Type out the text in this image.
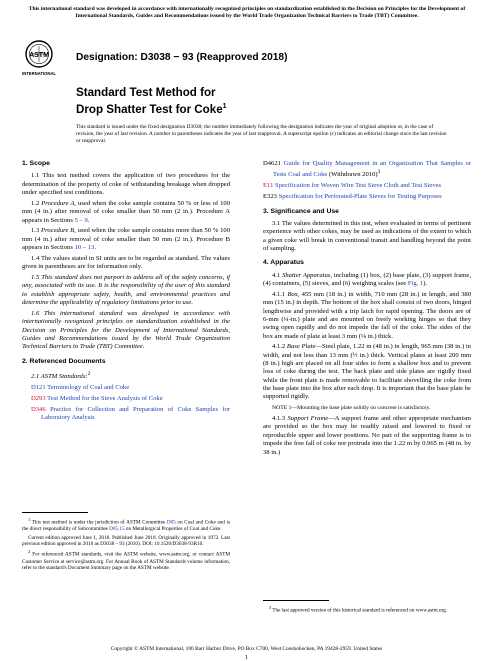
This international standard was developed in accordance with internationally recognized principles on standardization established in the Decision on Principles for the Development of International Standards, Guides and Recommendations issued by the World Trade Organization Technical Barriers to Trade (TBT) Committee.
ASTM
INTERNATIONAL
Designation: D3038 − 93 (Reapproved 2018)
Standard Test Method for
Drop Shatter Test for Coke$^1$
This standard is issued under the fixed designation D3038; the number immediately following the designation indicates the year of original adoption or, in the case of revision, the year of last revision. A number in parentheses indicates the year of last reapproval. A superscript epsilon (ε) indicates an editorial change since the last revision or reapproval.

1. Scope

1.1 This test method covers the application of two procedures for the determination of the property of coke of withstanding breakage when dropped under specified test conditions.

1.2 Procedure A, used when the coke sample contains 50 % or less of 100 mm (4 in.) after removal of coke smaller than 50 mm (2 in.). Procedure A appears in Sections 5 – 9.

1.3 Procedure B, used when the coke sample contains more than 50 % 100 mm (4 in.) after removal of coke smaller than 50 mm (2 in.). Procedure B appears in Sections 10 – 13.

1.4 The values stated in SI units are to be regarded as standard. The values given in parentheses are for information only.

1.5 This standard does not purport to address all of the safety concerns, if any, associated with its use. It is the responsibility of the user of this standard to establish appropriate safety, health, and environmental practices and determine the applicability of regulatory limitations prior to use.

1.6 This international standard was developed in accordance with internationally recognized principles on standardization established in the Decision on Principles for the Development of International Standards, Guides and Recommendations issued by the World Trade Organization Technical Barriers to Trade (TBT) Committee.

2. Referenced Documents

2.1 ASTM Standards:$^2$

D121 Terminology of Coal and Coke

D293 Test Method for the Sieve Analysis of Coke

D346 Practice for Collection and Preparation of Coke Samples for Laboratory Analysis

$^1$ This test method is under the jurisdiction of ASTM Committee D05 on Coal and Coke and is the direct responsibility of Subcommittee D05.15 on Metallurgical Properties of Coal and Coke.

Current edition approved June 1, 2018. Published June 2018. Originally approved in 1972. Last previous edition approved in 2010 as D3038 – 93 (2010). DOI: 10.1520/D3038-93R10.

$^2$ For referenced ASTM standards, visit the ASTM website, www.astm.org, or contact ASTM Customer Service at service@astm.org. For Annual Book of ASTM Standards volume information, refer to the standard's Document Summary page on the ASTM website.

D4621 Guide for Quality Management in an Organization That Samples or Tests Coal and Coke (Withdrawn 2010)$^3$

E11 Specification for Woven Wire Test Sieve Cloth and Test Sieves

E323 Specification for Perforated-Plate Sieves for Testing Purposes

3. Significance and Use

3.1 The values determined in this test, when evaluated in terms of pertinent experience with other cokes, may be used as indications of the extent to which a given coke will break in conventional transit and handling beyond the point of sampling.

4. Apparatus

4.1 Shatter Apparatus, including (1) box, (2) base plate, (3) support frame, (4) containers, (5) sieves, and (6) weighing scales (see Fig. 1).

4.1.1 Box, 455 mm (18 in.) in width, 710 mm (28 in.) in length, and 380 mm (15 in.) in depth. The bottom of the box shall consist of two doors, hinged lengthwise and provided with a trip latch for rapid opening. The doors are of 6-mm (¼-in.) plate and are mounted on freely working hinges so that they swing open rapidly and do not impede the fall of the coke. The sides of the box are made of plate at least 3 mm (⅛ in.) thick.

4.1.2 Base Plate—Steel plate, 1.22 m (48 in.) in length, 965 mm (38 in.) in width, and not less than 13 mm (½ in.) thick. Vertical plates at least 200 mm (8 in.) high are placed on all four sides to form a shallow box and to prevent loss of coke during the test. The back plate and side plates are rigidly fixed while the front plate is made removable to facilitate shovelling the coke from the base plate into the box after each drop. It is important that the base plate be supported rigidly.

NOTE 1—Mounting the base plate solidly on concrete is satisfactory.

4.1.3 Support Frame—A support frame and other appropriate mechanism are provided so the box may be readily raised and lowered to fixed or reproducible upper and lower positions. No part of the supporting frame is to impede the free fall of coke nor protrude into the 1.22 m by 0.965 m (48 in. by 38 in.)

$^3$ The last approved version of this historical standard is referenced on www.astm.org.

Copyright © ASTM International, 100 Barr Harbor Drive, PO Box C700, West Conshohocken, PA 19428-2959. United States
1
